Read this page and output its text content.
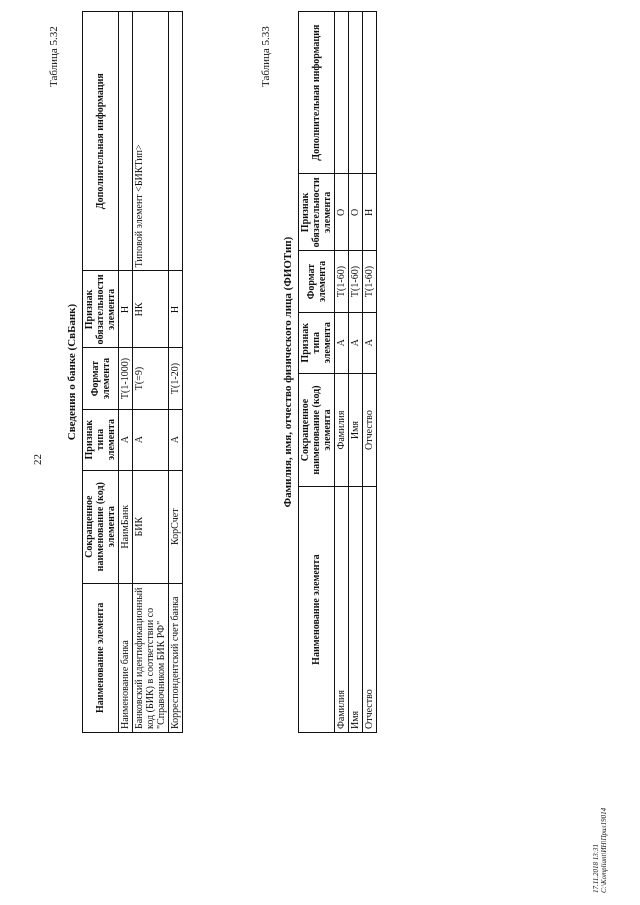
22
Таблица 5.32
Сведения о банке (СвБанк)
Наименование элемента	Сокращенное наименование (код) элемента	Признак типа элемента	Формат элемента	Признак обязательности элемента	Дополнительная информация
Наименование банка	НаимБанк	А	T(1-1000)	Н	
Банковский идентификационный код (БИК) в соответствии со "Справочником БИК РФ"	БИК	А	T(=9)	НК	Типовой элемент <БИКТип>
Корреспондентский счет банка	КорСчет	А	T(1-20)	Н	
Таблица 5.33
Фамилия, имя, отчество физического лица (ФИОТип)
Наименование элемента	Сокращенное наименование (код) элемента	Признак типа элемента	Формат элемента	Признак обязательности элемента	Дополнительная информация
Фамилия	Фамилия	А	T(1-60)	О	
Имя	Имя	А	T(1-60)	О	
Отчество	Отчество	А	T(1-60)	Н	
17.11.2018 13:31 C:\Kompliant\ИН\Прил19014
